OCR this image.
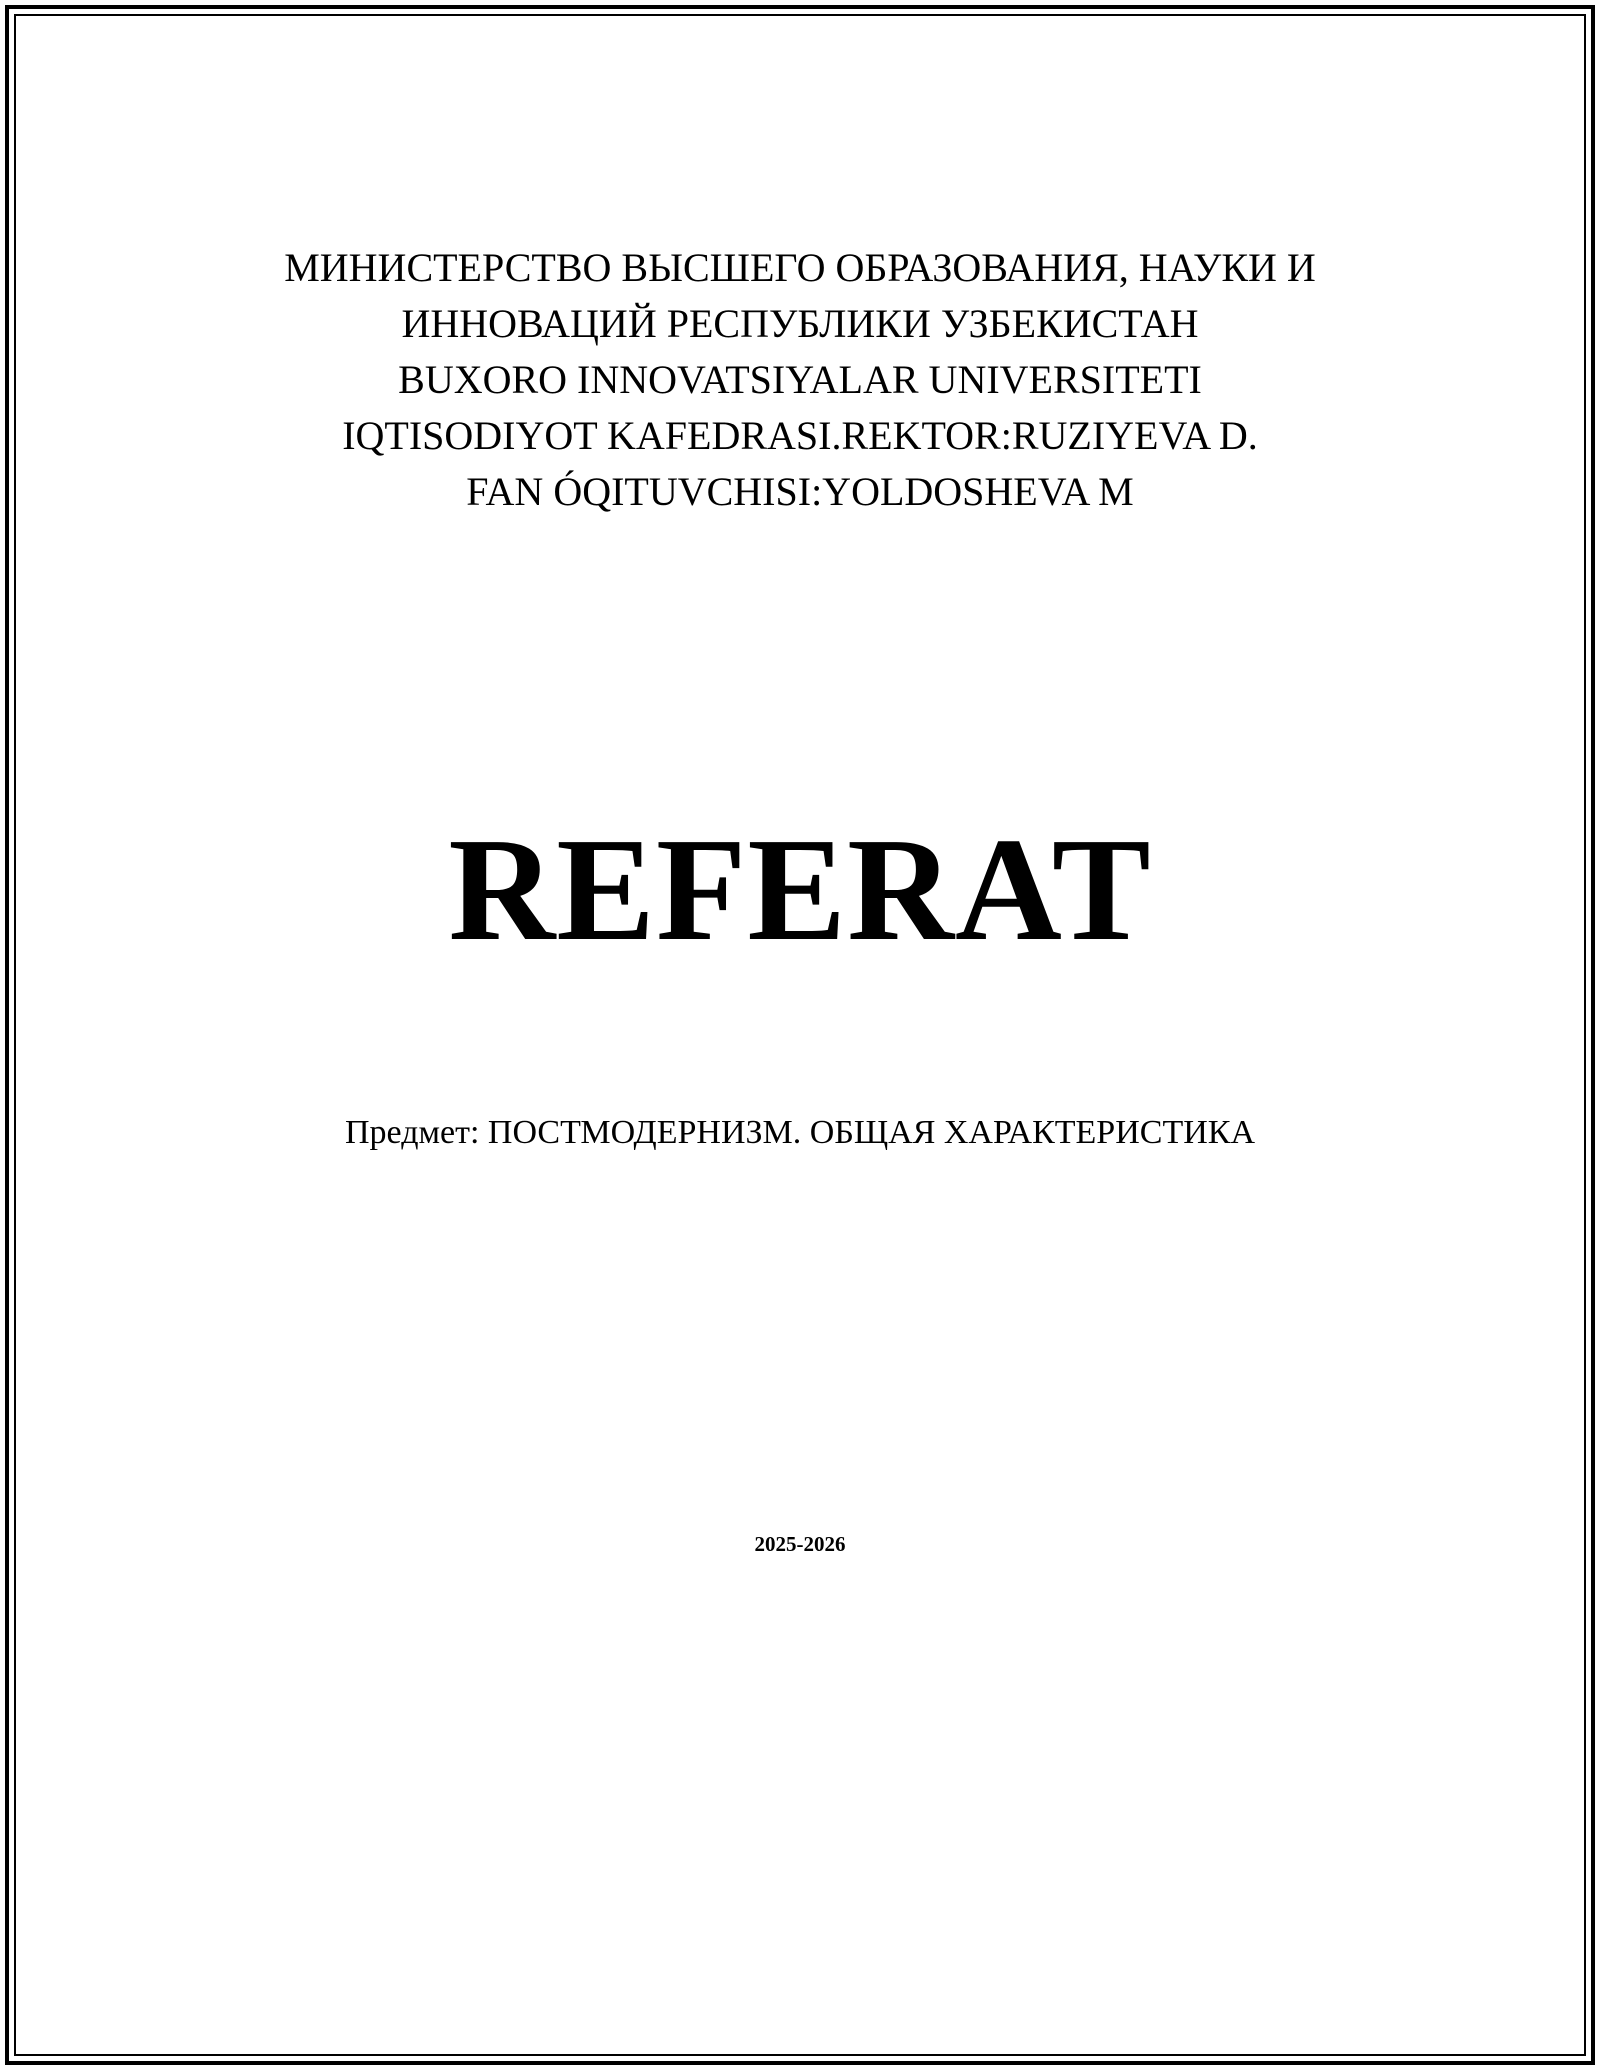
МИНИСТЕРСТВО ВЫСШЕГО ОБРАЗОВАНИЯ, НАУКИ И
ИННОВАЦИЙ РЕСПУБЛИКИ УЗБЕКИСТАН
BUXORO INNOVATSIYALAR UNIVERSITETI
IQTISODIYOT KAFEDRASI.REKTOR:RUZIYEVA D.
FAN ÓQITUVCHISI:YOLDOSHEVA M
REFERAT
Предмет: ПОСТМОДЕРНИЗМ. ОБЩАЯ ХАРАКТЕРИСТИКА
2025-2026
